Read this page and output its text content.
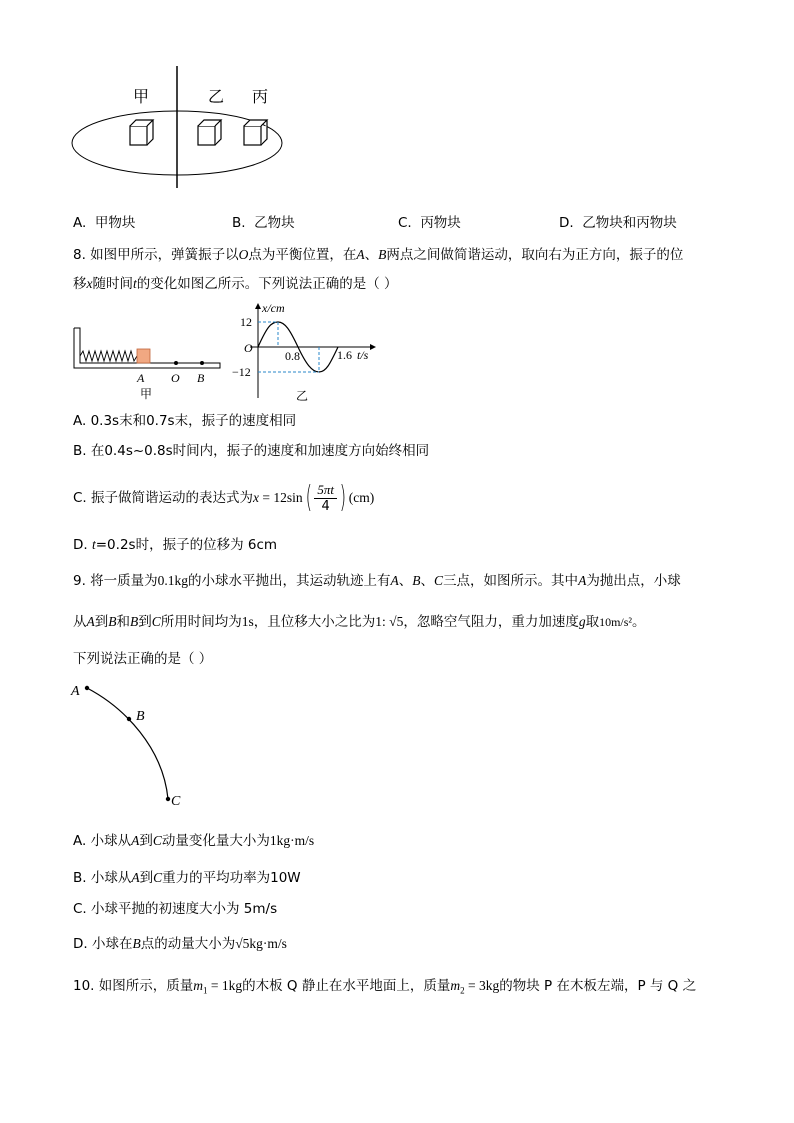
甲	乙 丙
A. 甲物块	B. 乙物块	C. 丙物块	D. 乙物块和丙物块
8. 如图甲所示，弹簧振子以O点为平衡位置，在A、B两点之间做简谐运动，取向右为正方向，振子的位
移x随时间t的变化如图乙所示。下列说法正确的是（ ）
A O B
甲
x/cm
12
O
−12
0.8	1.6 t/s
乙
A. 0.3s末和0.7s末，振子的速度相同
B. 在0.4s~0.8s时间内，振子的速度和加速度方向始终相同
C. 振子做简谐运动的表达式为$x = 12\sin( \frac{5\pi t}{4}$ ) (cm)
D. t=0.2s时，振子的位移为 6cm
9. 将一质量为0.1kg的小球水平抛出，其运动轨迹上有A、B、C三点，如图所示。其中A为抛出点，小球
从A到B和B到C所用时间均为1s，且位移大小之比为1: √5，忽略空气阻力，重力加速度g取10m/s²。
下列说法正确的是（ ）
A
B
C
A. 小球从A到C动量变化量大小为1kg·m/s
B. 小球从A到C重力的平均功率为10W
C. 小球平抛的初速度大小为 5m/s
D. 小球在B点的动量大小为√5kg·m/s
10. 如图所示，质量$m_1 = 1kg$的木板 Q 静止在水平地面上，质量$m_2 = 3kg$的物块 P 在木板左端，P 与 Q 之
